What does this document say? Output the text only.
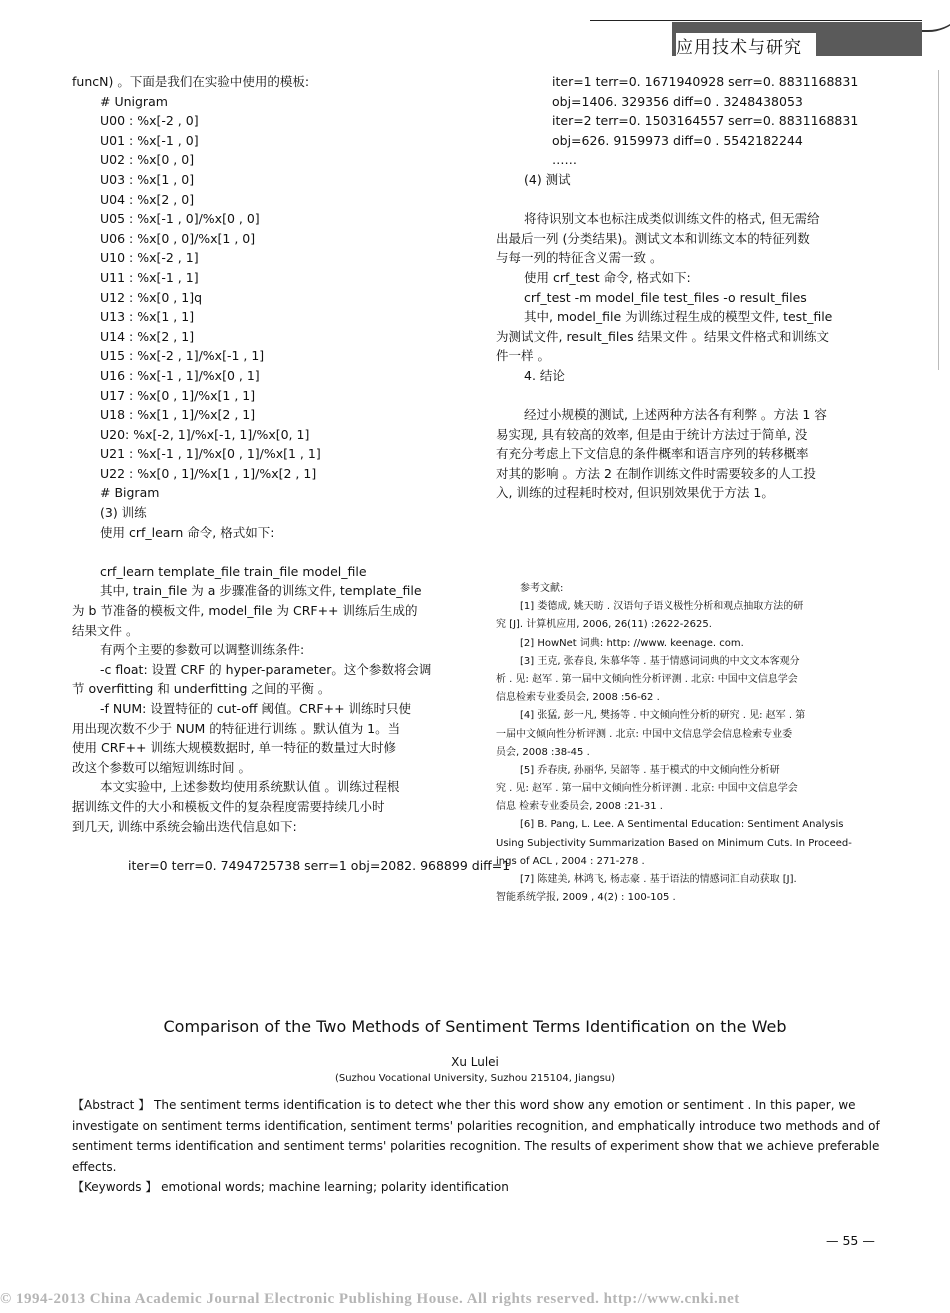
应用技术与研究
funcN) 。下面是我们在实验中使用的模板:
# Unigram
U00 : %x[-2 , 0]
U01 : %x[-1 , 0]
U02 : %x[0 , 0]
U03 : %x[1 , 0]
U04 : %x[2 , 0]
U05 : %x[-1 , 0]/%x[0 , 0]
U06 : %x[0 , 0]/%x[1 , 0]
U10 : %x[-2 , 1]
U11 : %x[-1 , 1]
U12 : %x[0 , 1]q
U13 : %x[1 , 1]
U14 : %x[2 , 1]
U15 : %x[-2 , 1]/%x[-1 , 1]
U16 : %x[-1 , 1]/%x[0 , 1]
U17 : %x[0 , 1]/%x[1 , 1]
U18 : %x[1 , 1]/%x[2 , 1]
U20: %x[-2, 1]/%x[-1, 1]/%x[0, 1]
U21 : %x[-1 , 1]/%x[0 , 1]/%x[1 , 1]
U22 : %x[0 , 1]/%x[1 , 1]/%x[2 , 1]
# Bigram
(3) 训练
使用 crf_learn 命令, 格式如下:
crf_learn template_file train_file model_file
其中, train_file 为 a 步骤准备的训练文件, template_file
为 b 节准备的模板文件, model_file 为 CRF++ 训练后生成的
结果文件 。
有两个主要的参数可以调整训练条件:
-c float: 设置 CRF 的 hyper-parameter。这个参数将会调
节 overfitting 和 underfitting 之间的平衡 。
-f NUM: 设置特征的 cut-off 阈值。CRF++ 训练时只使
用出现次数不少于 NUM 的特征进行训练 。默认值为 1。当
使用 CRF++ 训练大规模数据时, 单一特征的数量过大时修
改这个参数可以缩短训练时间 。
本文实验中, 上述参数均使用系统默认值 。训练过程根
据训练文件的大小和模板文件的复杂程度需要持续几小时
到几天, 训练中系统会输出迭代信息如下:
iter=0 terr=0. 7494725738 serr=1 obj=2082. 968899 diff=1
iter=1 terr=0. 1671940928 serr=0. 8831168831
obj=1406. 329356 diff=0 . 3248438053
iter=2 terr=0. 1503164557 serr=0. 8831168831
obj=626. 9159973 diff=0 . 5542182244
……
(4) 测试
将待识别文本也标注成类似训练文件的格式, 但无需给
出最后一列 (分类结果)。测试文本和训练文本的特征列数
与每一列的特征含义需一致 。
使用 crf_test 命令, 格式如下:
crf_test -m model_file test_files -o result_files
其中, model_file 为训练过程生成的模型文件, test_file
为测试文件, result_files 结果文件 。结果文件格式和训练文
件一样 。
4. 结论
经过小规模的测试, 上述两种方法各有利弊 。方法 1 容
易实现, 具有较高的效率, 但是由于统计方法过于简单, 没
有充分考虑上下文信息的条件概率和语言序列的转移概率
对其的影响 。方法 2 在制作训练文件时需要较多的人工投
入, 训练的过程耗时校对, 但识别效果优于方法 1。
参考文献:
[1] 娄德成, 姚天昉 . 汉语句子语义极性分析和观点抽取方法的研
究 [J]. 计算机应用, 2006, 26(11) :2622-2625.
[2] HowNet 词典: http: //www. keenage. com.
[3] 王克, 张春良, 朱慕华等 . 基于情感词词典的中文文本客观分
析 . 见: 赵军 . 第一届中文倾向性分析评测 . 北京: 中国中文信息学会
信息检索专业委员会, 2008 :56-62 .
[4] 张猛, 彭一凡, 樊扬等 . 中文倾向性分析的研究 . 见: 赵军 . 第
一届中文倾向性分析评测 . 北京: 中国中文信息学会信息检索专业委
员会, 2008 :38-45 .
[5] 乔春庚, 孙丽华, 吴韶等 . 基于模式的中文倾向性分析研
究 . 见: 赵军 . 第一届中文倾向性分析评测 . 北京: 中国中文信息学会
信息 检索专业委员会, 2008 :21-31 .
[6] B. Pang, L. Lee. A Sentimental Education: Sentiment Analysis
Using Subjectivity Summarization Based on Minimum Cuts. In Proceed-
ings of ACL , 2004 : 271-278 .
[7] 陈建美, 林鸿飞, 杨志豪 . 基于语法的情感词汇自动获取 [J].
智能系统学报, 2009 , 4(2) : 100-105 .
Comparison of the Two Methods of Sentiment Terms Identification on the Web
Xu Lulei
(Suzhou Vocational University, Suzhou 215104, Jiangsu)
【Abstract 】 The sentiment terms identification is to detect whe ther this word show any emotion or sentiment . In this paper, we
investigate on sentiment terms identification, sentiment terms' polarities recognition, and emphatically introduce two methods and of
sentiment terms identification and sentiment terms' polarities recognition. The results of experiment show that we achieve preferable
effects.
【Keywords 】 emotional words; machine learning; polarity identification
— 55 —
© 1994-2013 China Academic Journal Electronic Publishing House. All rights reserved. http://www.cnki.net
